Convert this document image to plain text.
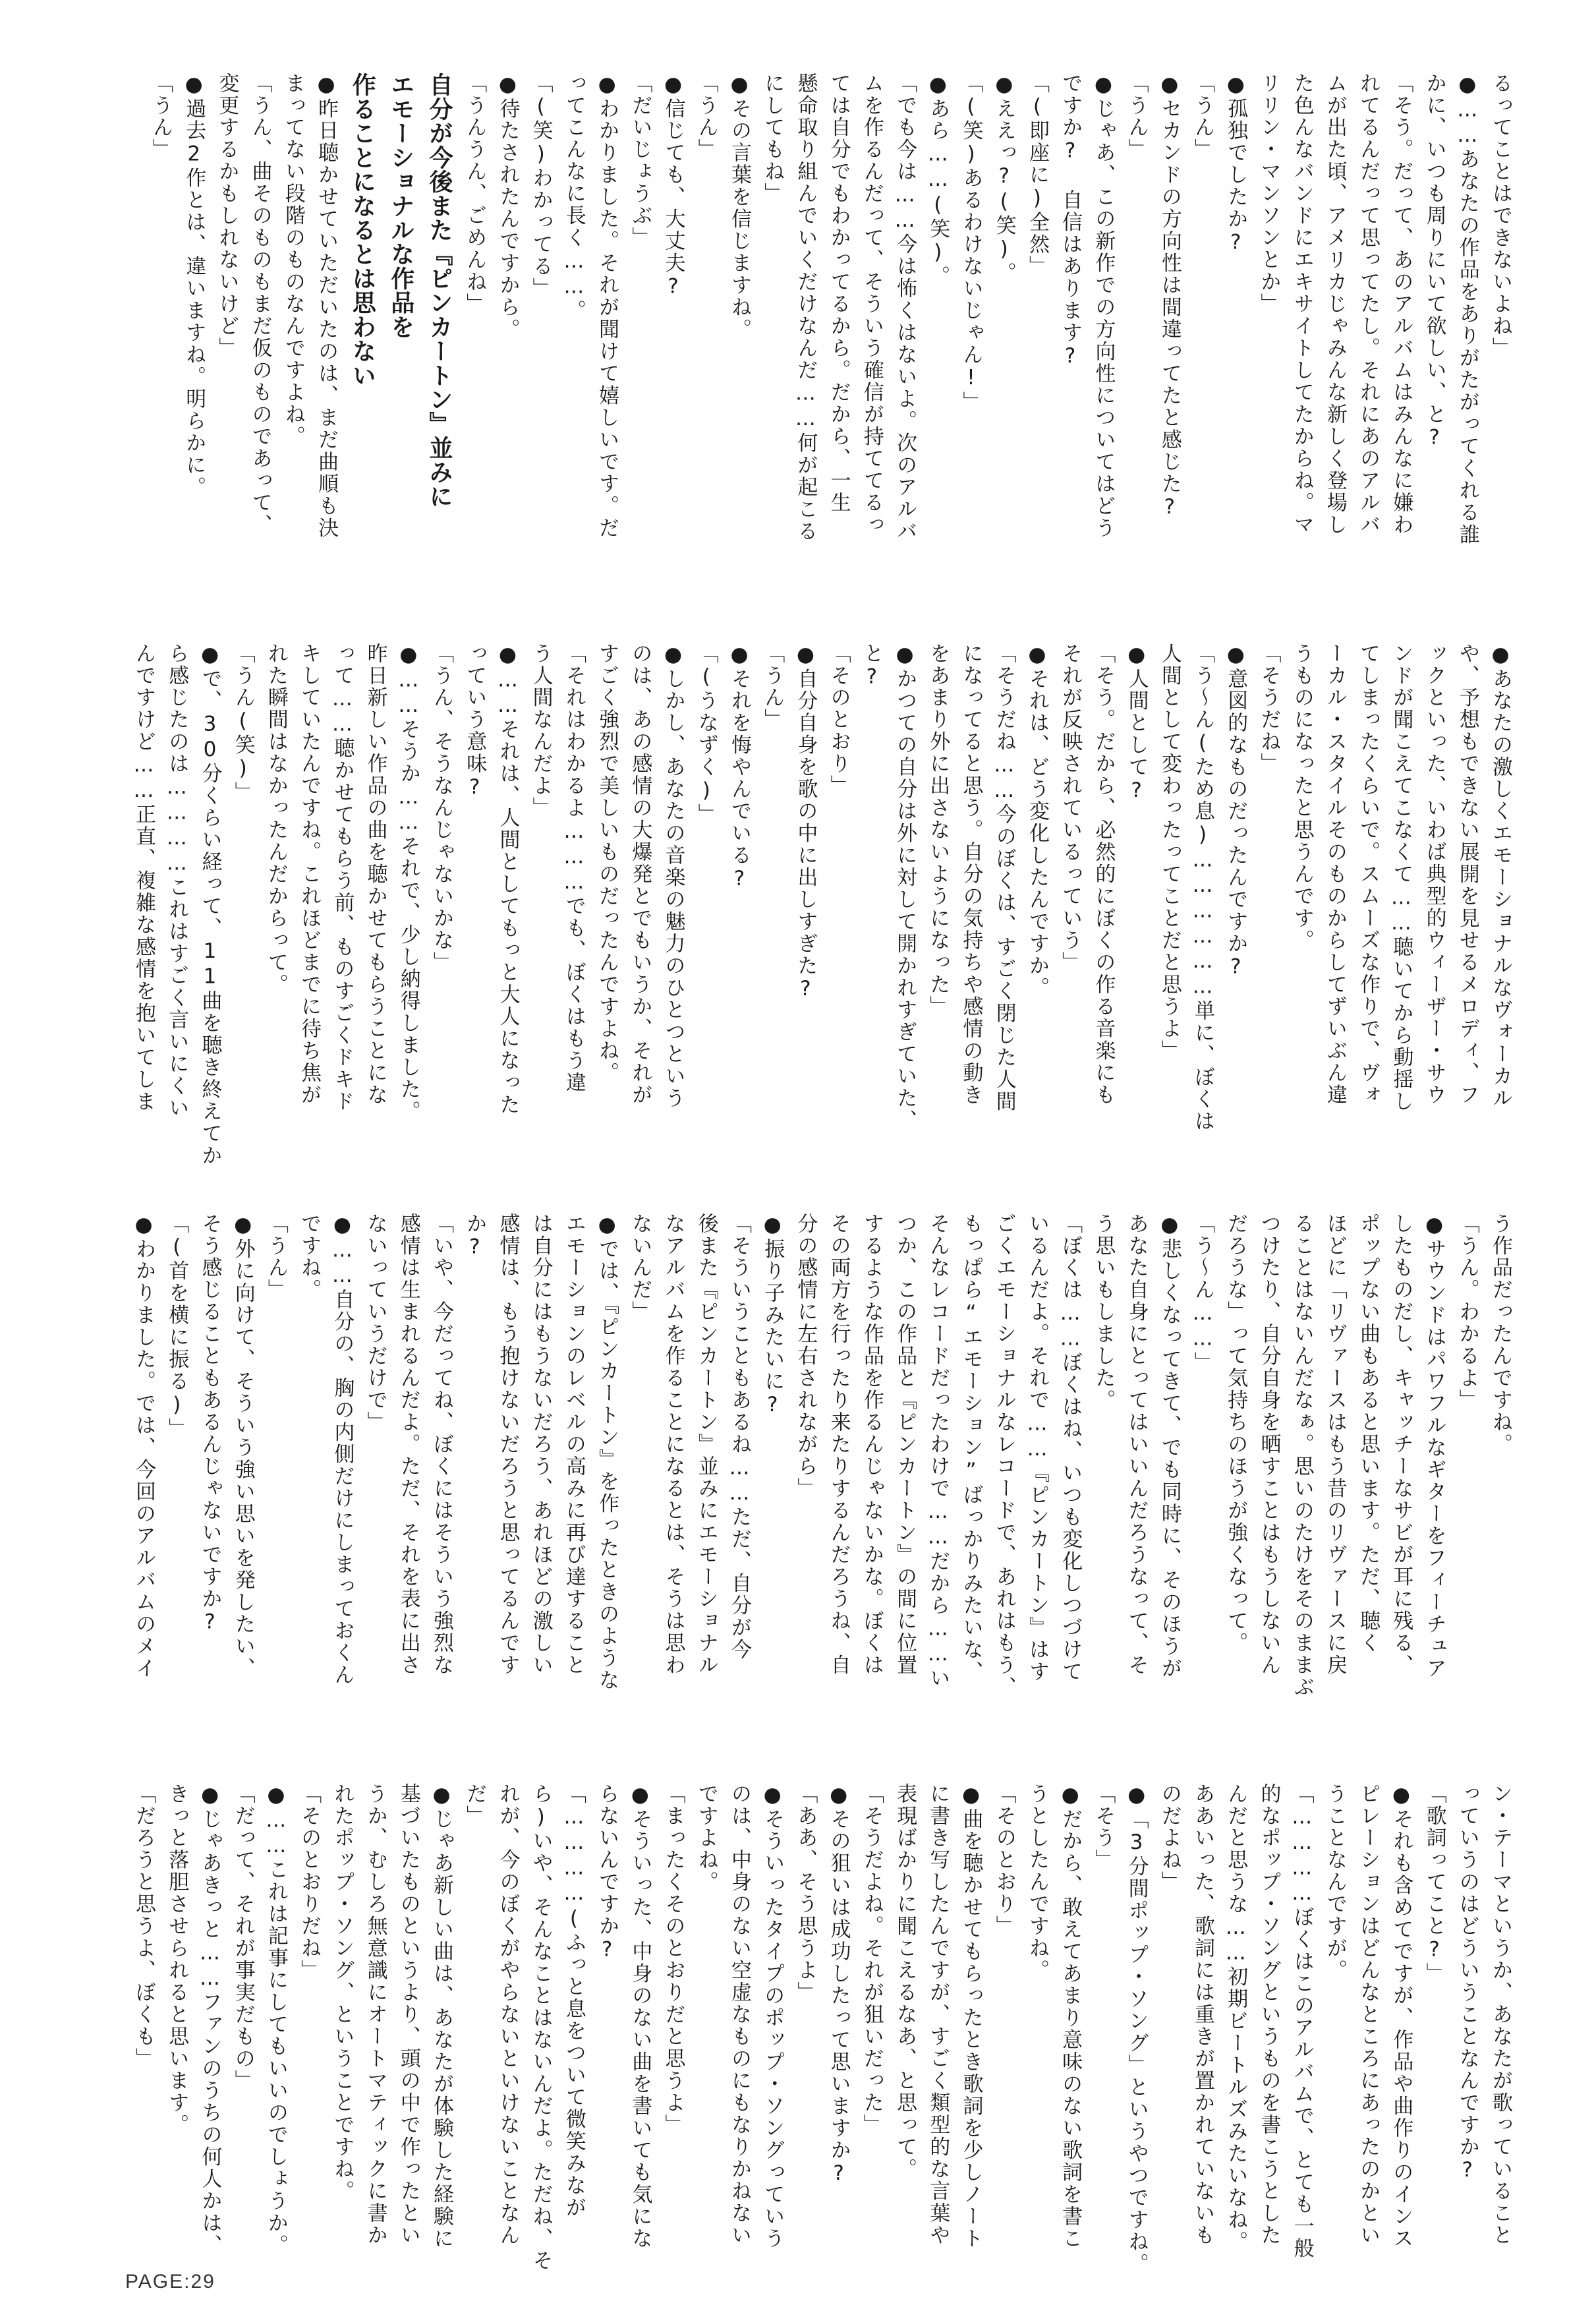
るってことはできないよね」
●……あなたの作品をありがたがってくれる誰
かに、いつも周りにいて欲しい、と?
「そう。だって、あのアルバムはみんなに嫌わ
れてるんだって思ってたし。それにあのアルバ
ムが出た頃、アメリカじゃみんな新しく登場し
た色んなバンドにエキサイトしてたからね。マ
リリン・マンソンとか」
●孤独でしたか?
「うん」
●セカンドの方向性は間違ってたと感じた?
「うん」
●じゃあ、この新作での方向性についてはどう
ですか? 自信はあります?
「(即座に)全然」
●ええっ?(笑)。
「(笑)あるわけないじゃん!」
●あら……(笑)。
「でも今は……今は怖くはないよ。次のアルバ
ムを作るんだって、そういう確信が持ててるっ
ては自分でもわかってるから。だから、一生
懸命取り組んでいくだけなんだ……何が起こる
にしてもね」
●その言葉を信じますね。
「うん」
●信じても、大丈夫?
「だいじょうぶ」
●わかりました。それが聞けて嬉しいです。だ
ってこんなに長く……。
「(笑)わかってる」
●待たされたんですから。
「うんうん、ごめんね」
自分が今後また『ピンカートン』並みに
エモーショナルな作品を
作ることになるとは思わない
●昨日聴かせていただいたのは、まだ曲順も決
まってない段階のものなんですよね。
「うん、曲そのものもまだ仮のものであって、
変更するかもしれないけど」
●過去2作とは、違いますね。明らかに。
「うん」
●あなたの激しくエモーショナルなヴォーカル
や、予想もできない展開を見せるメロディ、フ
ックといった、いわば典型的ウィーザー・サウ
ンドが聞こえてこなくて……聴いてから動揺し
てしまったくらいで。スムーズな作りで、ヴォ
ーカル・スタイルそのものからしてずいぶん違
うものになったと思うんです。
「そうだね」
●意図的なものだったんですか?
「う〜ん(ため息)………………単に、ぼくは
人間として変わったってことだと思うよ」
●人間として?
「そう。だから、必然的にぼくの作る音楽にも
それが反映されているっていう」
●それは、どう変化したんですか。
「そうだね……今のぼくは、すごく閉じた人間
になってると思う。自分の気持ちや感情の動き
をあまり外に出さないようになった」
●かつての自分は外に対して開かれすぎていた、
と?
「そのとおり」
●自分自身を歌の中に出しすぎた?
「うん」
●それを悔やんでいる?
「(うなずく)」
●しかし、あなたの音楽の魅力のひとつという
のは、あの感情の大爆発とでもいうか、それが
すごく強烈で美しいものだったんですよね。
「それはわかるよ………でも、ぼくはもう違
う人間なんだよ」
●……それは、人間としてもっと大人になった
っていう意味?
「うん、そうなんじゃないかな」
●……そうか……それで、少し納得しました。
昨日新しい作品の曲を聴かせてもらうことにな
って……聴かせてもらう前、ものすごくドキド
キしていたんですね。これほどまでに待ち焦が
れた瞬間はなかったんだからって。
「うん(笑)」
●で、30分くらい経って、11曲を聴き終えてか
ら感じたのは…………これはすごく言いにくい
んですけど……正直、複雑な感情を抱いてしま
う作品だったんですね。
「うん。わかるよ」
●サウンドはパワフルなギターをフィーチュア
したものだし、キャッチーなサビが耳に残る、
ポップない曲もあると思います。ただ、聴く
ほどに「リヴァースはもう昔のリヴァースに戻
ることはないんだなぁ。思いのたけをそのままぶ
つけたり、自分自身を晒すことはもうしないん
だろうな」って気持ちのほうが強くなって。
「う〜ん……」
●悲しくなってきて、でも同時に、そのほうが
あなた自身にとってはいいんだろうなって、そ
う思いもしました。
「ぼくは……ぼくはね、いつも変化しつづけて
いるんだよ。それで……『ピンカートン』はす
ごくエモーショナルなレコードで、あれはもう、
もっぱら“エモーション”ばっかりみたいな、
そんなレコードだったわけで……だから……い
つか、この作品と『ピンカートン』の間に位置
するような作品を作るんじゃないかな。ぼくは
その両方を行ったり来たりするんだろうね、自
分の感情に左右されながら」
●振り子みたいに?
「そういうこともあるね……ただ、自分が今
後また『ピンカートン』並みにエモーショナル
なアルバムを作ることになるとは、そうは思わ
ないんだ」
●では、『ピンカートン』を作ったときのような
エモーションのレベルの高みに再び達すること
は自分にはもうないだろう、あれほどの激しい
感情は、もう抱けないだろうと思ってるんです
か?
「いや、今だってね、ぼくにはそういう強烈な
感情は生まれるんだよ。ただ、それを表に出さ
ないっていうだけで」
●……自分の、胸の内側だけにしまっておくん
ですね。
「うん」
●外に向けて、そういう強い思いを発したい、
そう感じることもあるんじゃないですか?
「(首を横に振る)」
●わかりました。では、今回のアルバムのメイ
ン・テーマというか、あなたが歌っていること
っていうのはどういうことなんですか?
「歌詞ってこと?」
●それも含めてですが、作品や曲作りのインス
ピレーションはどんなところにあったのかとい
うことなんですが。
「…………ぼくはこのアルバムで、とても一般
的なポップ・ソングというものを書こうとした
んだと思うな……初期ビートルズみたいなね。
ああいった、歌詞には重きが置かれていないも
のだよね」
●「3分間ポップ・ソング」というやつですね。
「そう」
●だから、敢えてあまり意味のない歌詞を書こ
うとしたんですね。
「そのとおり」
●曲を聴かせてもらったとき歌詞を少しノート
に書き写したんですが、すごく類型的な言葉や
表現ばかりに聞こえるなあ、と思って。
「そうだよね。それが狙いだった」
●その狙いは成功したって思いますか?
「ああ、そう思うよ」
●そういったタイプのポップ・ソングっていう
のは、中身のない空虚なものにもなりかねない
ですよね。
「まったくそのとおりだと思うよ」
●そういった、中身のない曲を書いても気にな
らないんですか?
「…………(ふっと息をついて微笑みなが
ら)いや、そんなことはないんだよ。ただね、そ
れが、今のぼくがやらないといけないことなん
だ」
●じゃあ新しい曲は、あなたが体験した経験に
基づいたものというより、頭の中で作ったとい
うか、むしろ無意識にオートマティックに書か
れたポップ・ソング、ということですね。
「そのとおりだね」
●……これは記事にしてもいいのでしょうか。
「だって、それが事実だもの」
●じゃあきっと……ファンのうちの何人かは、
きっと落胆させられると思います。
「だろうと思うよ、ぼくも」
PAGE:29
